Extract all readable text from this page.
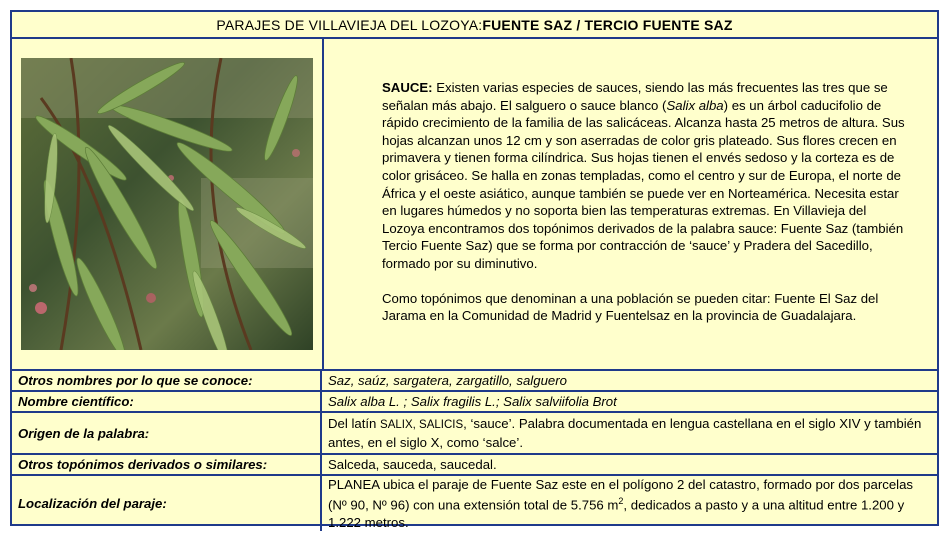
PARAJES DE VILLAVIEJA DEL LOZOYA: FUENTE SAZ / TERCIO FUENTE SAZ

SAUCE: Existen varias especies de sauces, siendo las más frecuentes las tres que se señalan más abajo. El salguero o sauce blanco (Salix alba) es un árbol caducifolio de rápido crecimiento de la familia de las salicáceas. Alcanza hasta 25 metros de altura. Sus hojas alcanzan unos 12 cm y son aserradas de color gris plateado. Sus flores crecen en primavera y tienen forma cilíndrica. Sus hojas tienen el envés sedoso y la corteza es de color grisáceo. Se halla en zonas templadas, como el centro y sur de Europa, el norte de África y el oeste asiático, aunque también se puede ver en Norteamérica. Necesita estar en lugares húmedos y no soporta bien las temperaturas extremas. En Villavieja del Lozoya encontramos dos topónimos derivados de la palabra sauce: Fuente Saz (también Tercio Fuente Saz) que se forma por contracción de ‘sauce’ y Pradera del Sacedillo, formado por su diminutivo.

Como topónimos que denominan a una población se pueden citar: Fuente El Saz del Jarama en la Comunidad de Madrid y Fuentelsaz en la provincia de Guadalajara.

Otros nombres por lo que se conoce:	Saz, saúz, sargatera, zargatillo, salguero
Nombre científico:	Salix alba L. ; Salix fragilis L.; Salix salviifolia Brot
Origen de la palabra:
Del latín SALIX, SALICIS, ‘sauce’. Palabra documentada en lengua castellana en el siglo XIV y también antes, en el siglo X, como ‘salce’.
Otros topónimos derivados o similares:	Salceda, sauceda, saucedal.
Localización del paraje:
PLANEA ubica el paraje de Fuente Saz este en el polígono 2 del catastro, formado por dos parcelas (Nº 90, Nº 96) con una extensión total de 5.756 $m^2$, dedicados a pasto y a una altitud entre 1.200 y 1.222 metros.
